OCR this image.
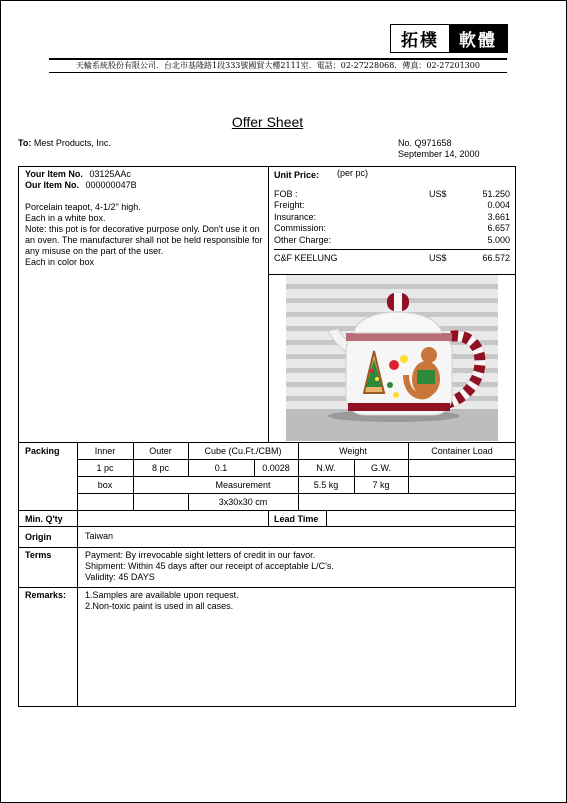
拓樸	軟體
天輪系統股份有限公司．台北市基隆路1段333號國貿大樓2111室．電話：02-27228068．傳真：02-27201300
Offer Sheet
To: Mest Products, Inc.	No. Q971658
September 14, 2000
Your Item No. 03125AAc
Our Item No. 000000047B

Porcelain teapot, 4-1/2" high.

Each in a white box.

Note: this pot is for decorative purpose only. Don't use it on an oven. The manufacturer shall not be held responsible for any misuse on the part of the user.

Each in color box

Unit Price: (per pc)
FOB :	US$	51.250
Freight:	0.004
Insurance:	3.661
Commission:	6.657
Other Charge:	5.000
C&F KEELUNG	US$	66.572
Packing	Inner	Outer	Cube (Cu.Ft./CBM)	Weight	Container Load
1 pc	8 pc	0.1	0.0028	N.W.	G.W.
box	Measurement	5.5 kg	7 kg
3x30x30 cm
Min. Q'ty	Lead Time
Origin	Taiwan
Terms	Payment: By irrevocable sight letters of credit in our favor.
Shipment: Within 45 days after our receipt of acceptable L/C's.
Validity: 45 DAYS
Remarks: 1.Samples are available upon request.
2.Non-toxic paint is used in all cases.
